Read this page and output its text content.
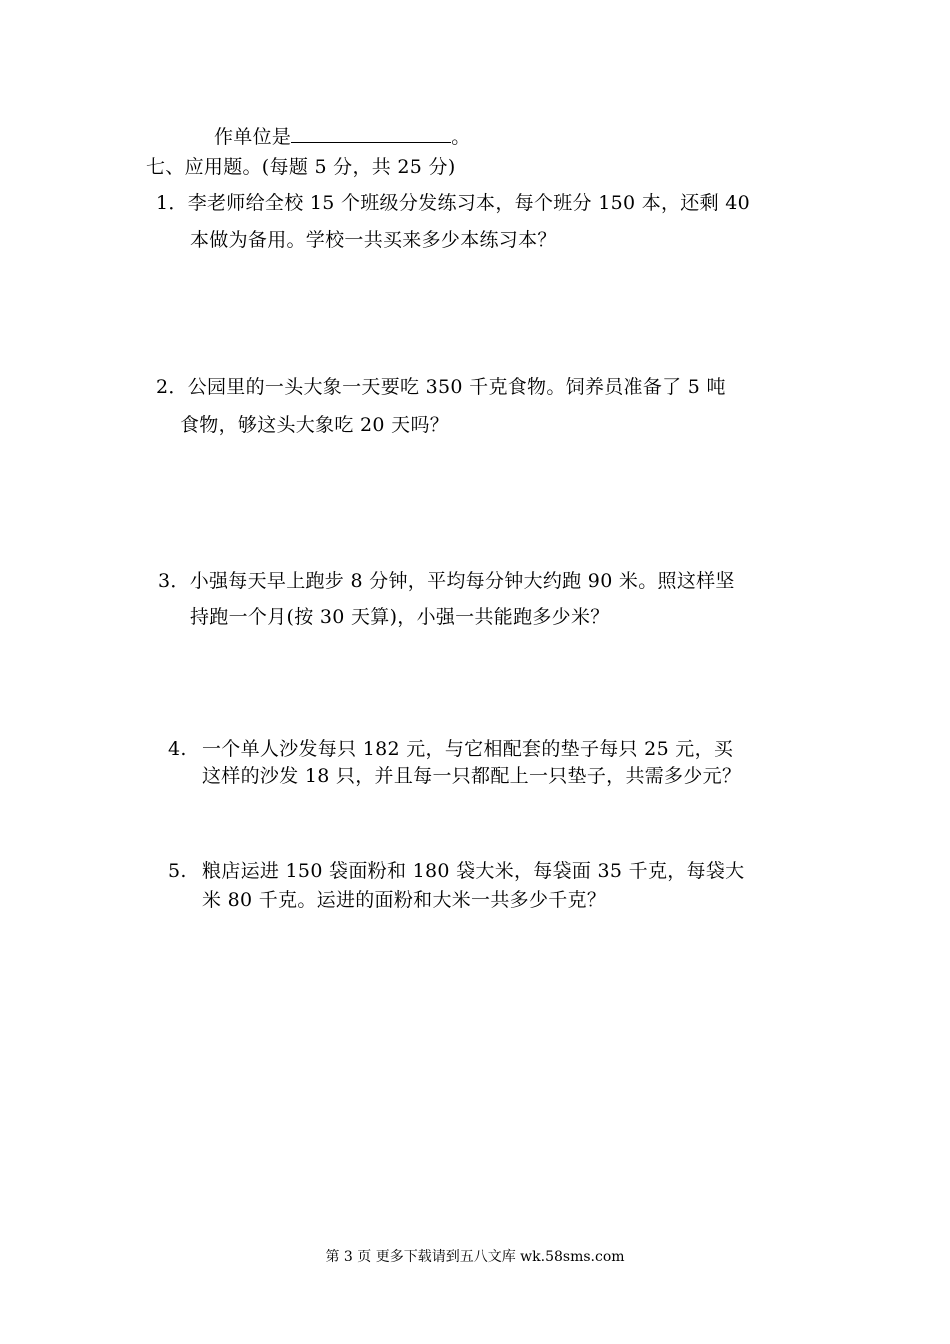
作单位是	。
七、应用题。(每题 5 分，共 25 分)
1．李老师给全校 15 个班级分发练习本，每个班分 150 本，还剩 40
本做为备用。学校一共买来多少本练习本？
2．公园里的一头大象一天要吃 350 千克食物。饲养员准备了 5 吨
食物，够这头大象吃 20 天吗？
3．小强每天早上跑步 8 分钟，平均每分钟大约跑 90 米。照这样坚
持跑一个月(按 30 天算)，小强一共能跑多少米？
4. 一个单人沙发每只 182 元，与它相配套的垫子每只 25 元，买
这样的沙发 18 只，并且每一只都配上一只垫子，共需多少元？
5. 粮店运进 150 袋面粉和 180 袋大米，每袋面 35 千克，每袋大
米 80 千克。运进的面粉和大米一共多少千克？
第 3 页 更多下载请到五八文库 wk.58sms.com
